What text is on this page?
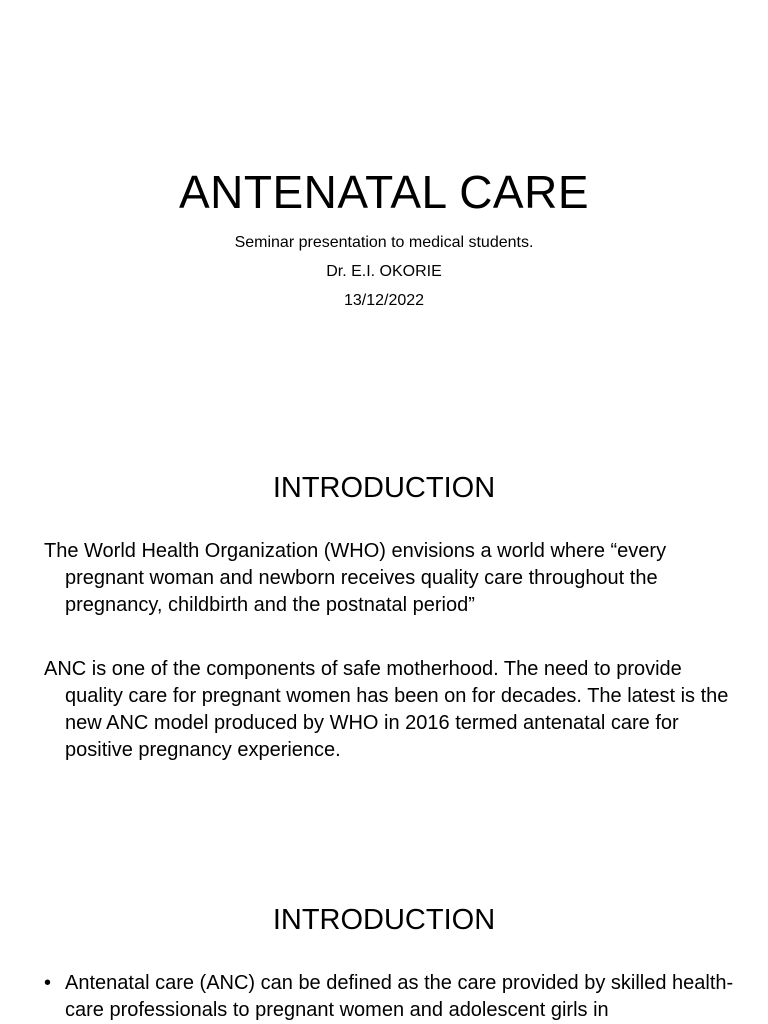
ANTENATAL CARE
Seminar presentation to medical students.
Dr. E.I. OKORIE
13/12/2022
INTRODUCTION

The World Health Organization (WHO) envisions a world where “every pregnant woman and newborn receives quality care throughout the pregnancy, childbirth and the postnatal period”

ANC is one of the components of safe motherhood. The need to provide quality care for pregnant women has been on for decades. The latest is the new ANC model produced by WHO in 2016 termed antenatal care for positive pregnancy experience.

INTRODUCTION
• Antenatal care (ANC) can be defined as the care provided by skilled health-care professionals to pregnant women and adolescent girls in
